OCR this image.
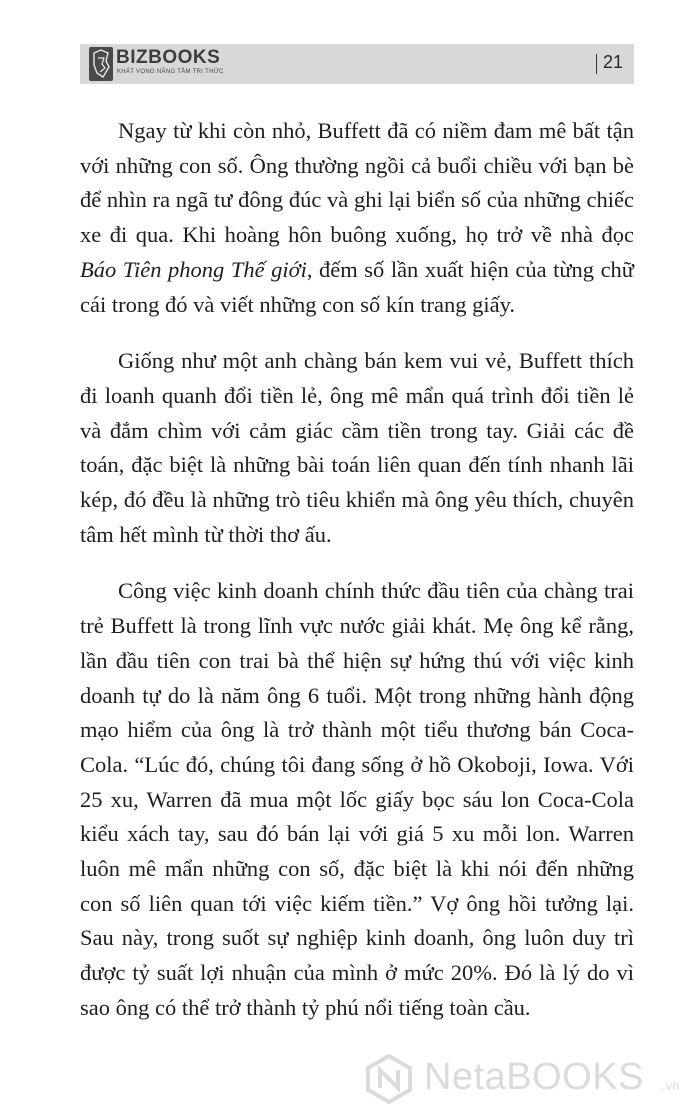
BIZBOOKS
KHÁT VỌNG NĂNG TẦM TRI THỨC	21

Ngay từ khi còn nhỏ, Buffett đã có niềm đam mê bất tận với những con số. Ông thường ngồi cả buổi chiều với bạn bè để nhìn ra ngã tư đông đúc và ghi lại biển số của những chiếc xe đi qua. Khi hoàng hôn buông xuống, họ trở về nhà đọc Báo Tiên phong Thế giới, đếm số lần xuất hiện của từng chữ cái trong đó và viết những con số kín trang giấy.

Giống như một anh chàng bán kem vui vẻ, Buffett thích đi loanh quanh đổi tiền lẻ, ông mê mẩn quá trình đổi tiền lẻ và đắm chìm với cảm giác cầm tiền trong tay. Giải các đề toán, đặc biệt là những bài toán liên quan đến tính nhanh lãi kép, đó đều là những trò tiêu khiển mà ông yêu thích, chuyên tâm hết mình từ thời thơ ấu.

Công việc kinh doanh chính thức đầu tiên của chàng trai trẻ Buffett là trong lĩnh vực nước giải khát. Mẹ ông kể rằng, lần đầu tiên con trai bà thể hiện sự hứng thú với việc kinh doanh tự do là năm ông 6 tuổi. Một trong những hành động mạo hiểm của ông là trở thành một tiểu thương bán Coca-Cola. “Lúc đó, chúng tôi đang sống ở hồ Okoboji, Iowa. Với 25 xu, Warren đã mua một lốc giấy bọc sáu lon Coca-Cola kiểu xách tay, sau đó bán lại với giá 5 xu mỗi lon. Warren luôn mê mẩn những con số, đặc biệt là khi nói đến những con số liên quan tới việc kiếm tiền.” Vợ ông hồi tưởng lại. Sau này, trong suốt sự nghiệp kinh doanh, ông luôn duy trì được tỷ suất lợi nhuận của mình ở mức 20%. Đó là lý do vì sao ông có thể trở thành tỷ phú nổi tiếng toàn cầu.

NetaBOOKS .vn
